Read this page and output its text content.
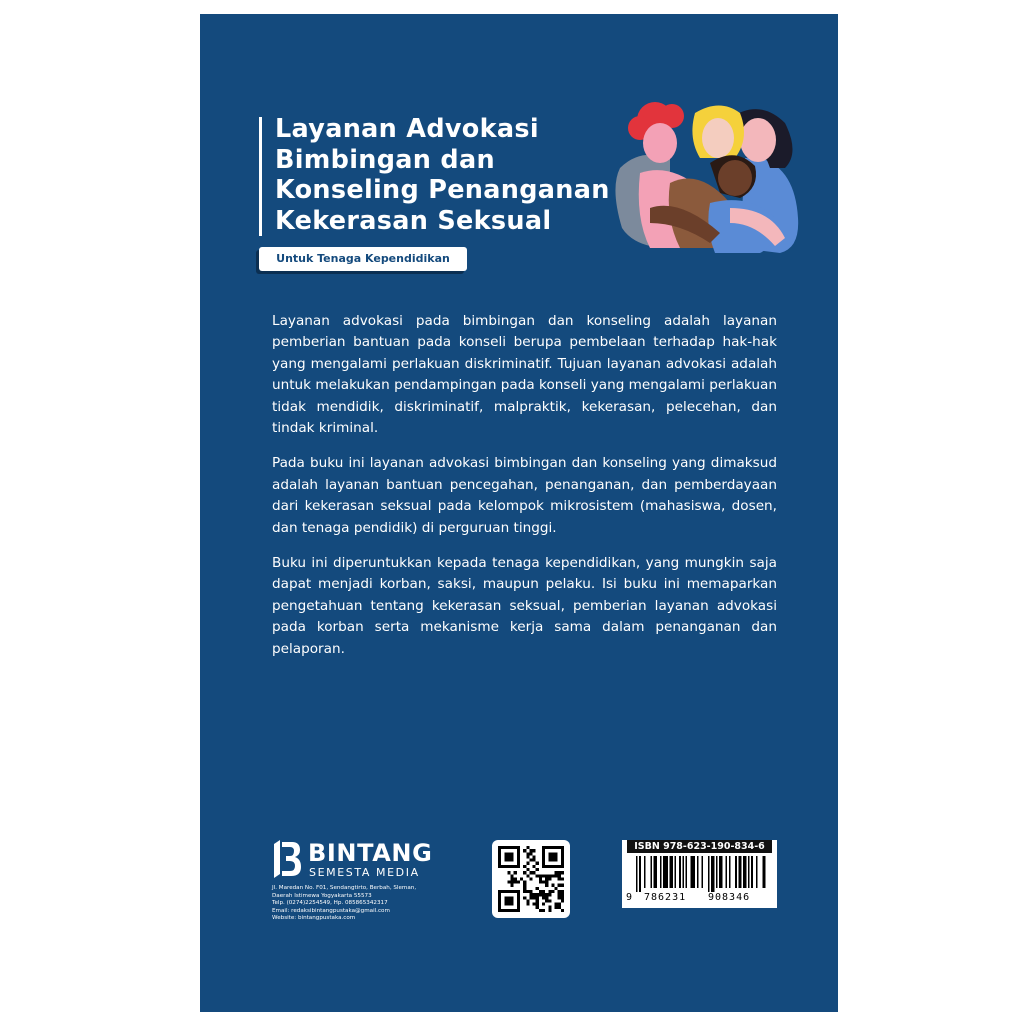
Layanan Advokasi
Bimbingan dan
Konseling Penanganan
Kekerasan Seksual
Untuk Tenaga Kependidikan

Layanan advokasi pada bimbingan dan konseling adalah layanan pemberian bantuan pada konseli berupa pembelaan terhadap hak-hak yang mengalami perlakuan diskriminatif. Tujuan layanan advokasi adalah untuk melakukan pendampingan pada konseli yang mengalami perlakuan tidak mendidik, diskriminatif, malpraktik, kekerasan, pelecehan, dan tindak kriminal.

Pada buku ini layanan advokasi bimbingan dan konseling yang dimaksud adalah layanan bantuan pencegahan, penanganan, dan pemberdayaan dari kekerasan seksual pada kelompok mikrosistem (mahasiswa, dosen, dan tenaga pendidik) di perguruan tinggi.

Buku ini diperuntukkan kepada tenaga kependidikan, yang mungkin saja dapat menjadi korban, saksi, maupun pelaku. Isi buku ini memaparkan pengetahuan tentang kekerasan seksual, pemberian layanan advokasi pada korban serta mekanisme kerja sama dalam penanganan dan pelaporan.

BINTANG
SEMESTA MEDIA
Jl. Maredan No. F01, Sendangtirto, Berbah, Sleman,
Daerah Istimewa Yogyakarta 55573
Telp. (0274)2254549, Hp. 085865342317
Email: redaksibintangpustaka@gmail.com
Website: bintangpustaka.com
ISBN 978-623-190-834-6
9 786231 908346
